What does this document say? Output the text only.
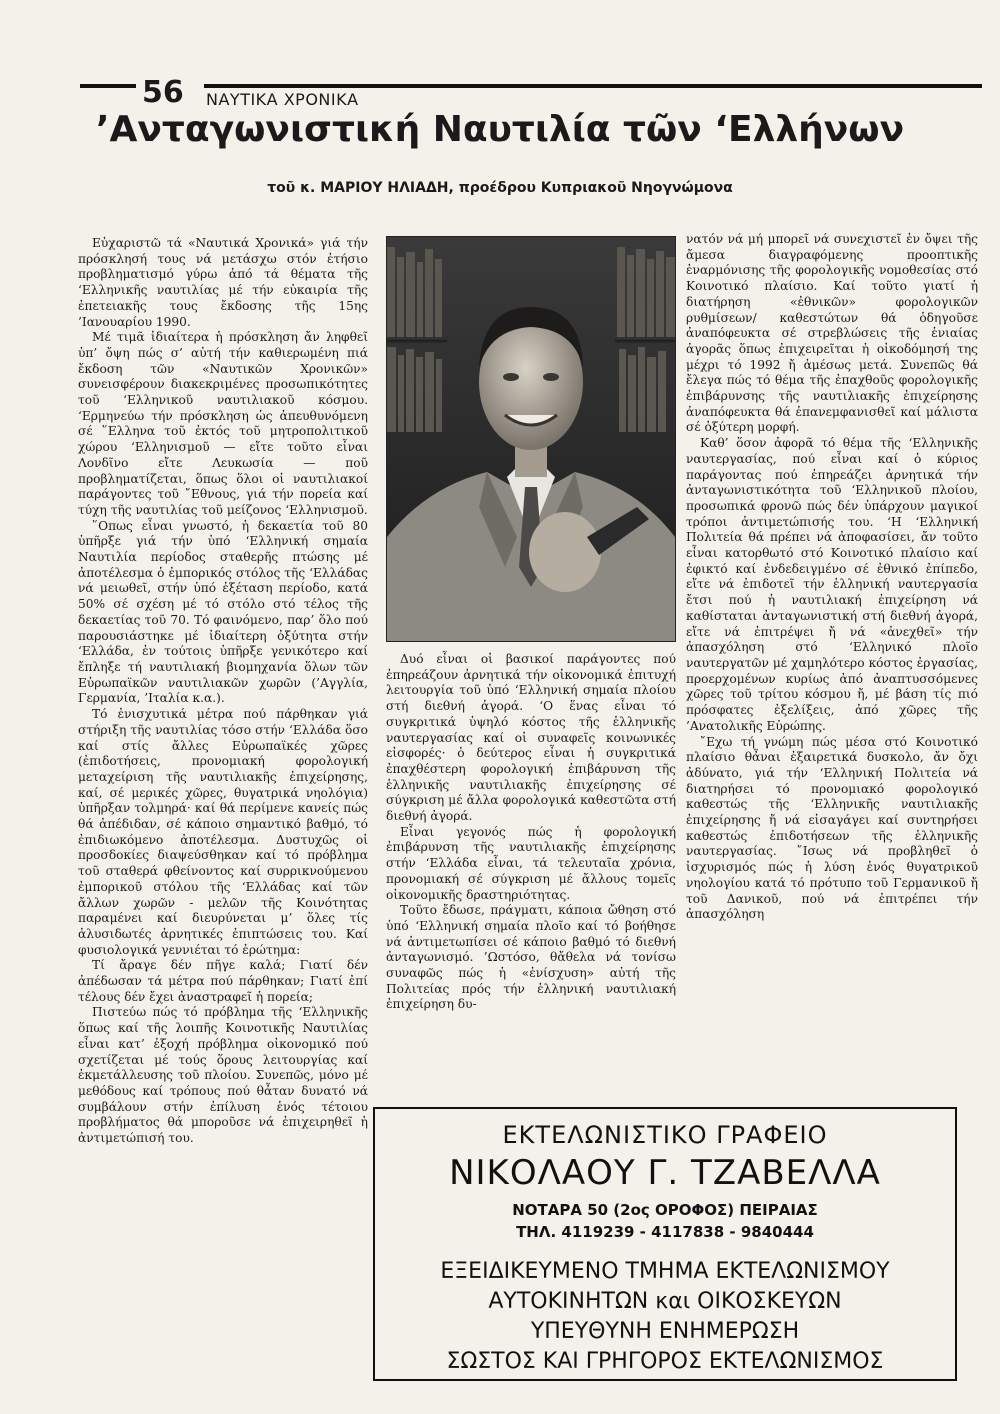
56 ΝΑΥΤΙΚΑ ΧΡΟΝΙΚΑ
’Ανταγωνιστική Ναυτιλία τῶν ‘Ελλήνων
τοῦ κ. ΜΑΡΙΟΥ ΗΛΙΑΔΗ, προέδρου Κυπριακοῦ Νηογνώμονα

Εὐχαριστῶ τά «Ναυτικά Χρονικά» γιά τήν πρόσκλησή τους νά μετάσχω στόν ἐτήσιο προβληματισμό γύρω ἀπό τά θέματα τῆς ‘Ελληνικῆς ναυτιλίας μέ τήν εὐκαιρία τῆς ἐπετειακῆς τους ἔκδοσης τῆς 15ης ’Ιανουαρίου 1990.

Μέ τιμᾶ ἰδιαίτερα ἡ πρόσκληση ἄν ληφθεῖ ὑπ’ ὄψη πώς σ’ αὐτή τήν καθιερωμένη πιά ἔκδοση τῶν «Ναυτικῶν Χρονικῶν» συνεισφέρουν διακεκριμένες προσωπικότητες τοῦ ‘Ελληνικοῦ ναυτιλιακοῦ κόσμου. ‘Ερμηνεύω τήν πρόσκληση ὡς ἀπευθυνόμενη σέ ῞Ελληνα τοῦ ἐκτός τοῦ μητροπολιτικοῦ χώρου ‘Ελληνισμοῦ — εἴτε τοῦτο εἶναι Λονδῖνο εἴτε Λευκωσία — ποῦ προβληματίζεται, ὅπως ὅλοι οἱ ναυτιλιακοί παράγοντες τοῦ ῎Εθνους, γιά τήν πορεία καί τύχη τῆς ναυτιλίας τοῦ μείζονος ‘Ελληνισμοῦ.

῞Οπως εἶναι γνωστό, ἡ δεκαετία τοῦ 80 ὑπῆρξε γιά τήν ὑπό ‘Ελληνική σημαία Ναυτιλία περίοδος σταθερῆς πτώσης μέ ἀποτέλεσμα ὁ ἐμπορικός στόλος τῆς ‘Ελλάδας νά μειωθεῖ, στήν ὑπό ἐξέταση περίοδο, κατά 50% σέ σχέση μέ τό στόλο στό τέλος τῆς δεκαετίας τοῦ 70. Τό φαινόμενο, παρ’ ὅλο πού παρουσιάστηκε μέ ἰδιαίτερη ὀξύτητα στήν ‘Ελλάδα, ἐν τούτοις ὑπῆρξε γενικότερο καί ἔπληξε τή ναυτιλιακή βιομηχανία ὅλων τῶν Εὐρωπαϊκῶν ναυτιλιακῶν χωρῶν (’Αγγλία, Γερμανία, ’Ιταλία κ.α.).

Τό ἐνισχυτικά μέτρα πού πάρθηκαν γιά στήριξη τῆς ναυτιλίας τόσο στήν ‘Ελλάδα ὅσο καί στίς ἄλλες Εὐρωπαϊκές χῶρες (ἐπιδοτήσεις, προνομιακή φορολογική μεταχείριση τῆς ναυτιλιακῆς ἐπιχείρησης, καί, σέ μερικές χῶρες, θυγατρικά νηολόγια) ὑπῆρξαν τολμηρά· καί θά περίμενε κανείς πώς θά ἀπέδιδαν, σέ κάποιο σημαντικό βαθμό, τό ἐπιδιωκόμενο ἀποτέλεσμα. Δυστυχῶς οἱ προσδοκίες διαψεύσθηκαν καί τό πρόβλημα τοῦ σταθερά φθείνοντος καί συρρικνούμενου ἐμπορικοῦ στόλου τῆς ‘Ελλάδας καί τῶν ἄλλων χωρῶν - μελῶν τῆς Κοινότητας παραμένει καί διευρύνεται μ’ ὅλες τίς ἀλυσιδωτές ἀρνητικές ἐπιπτώσεις του. Καί φυσιολογικά γεννιέται τό ἐρώτημα:

Τί ἄραγε δέν πῆγε καλά; Γιατί δέν ἀπέδωσαν τά μέτρα πού πάρθηκαν; Γιατί ἐπί τέλους δέν ἔχει ἀναστραφεῖ ἡ πορεία;

Πιστεύω πώς τό πρόβλημα τῆς ‘Ελληνικῆς ὅπως καί τῆς λοιπῆς Κοινοτικῆς Ναυτιλίας εἶναι κατ’ ἐξοχή πρόβλημα οἰκονομικό πού σχετίζεται μέ τούς ὅρους λειτουργίας καί ἐκμετάλλευσης τοῦ πλοίου. Συνεπῶς, μόνο μέ μεθόδους καί τρόπους πού θἆταν δυνατό νά συμβάλουν στήν ἐπίλυση ἑνός τέτοιου προβλήματος θά μποροῦσε νά ἐπιχειρηθεῖ ἡ ἀντιμετώπισή του.

Δυό εἶναι οἱ βασικοί παράγοντες πού ἐπηρεάζουν ἀρνητικά τήν οἰκονομικά ἐπιτυχή λειτουργία τοῦ ὑπό ‘Ελληνική σημαία πλοίου στή διεθνή ἀγορά. ‘Ο ἕνας εἶναι τό συγκριτικά ὑψηλό κόστος τῆς ἑλληνικῆς ναυτεργασίας καί οἱ συναφεῖς κοινωνικές εἰσφορές· ὁ δεύτερος εἶναι ἡ συγκριτικά ἐπαχθέστερη φορολογική ἐπιβάρυνση τῆς ἑλληνικῆς ναυτιλιακῆς ἐπιχείρησης σέ σύγκριση μέ ἄλλα φορολογικά καθεστῶτα στή διεθνή ἀγορά.

Εἶναι γεγονός πώς ἡ φορολογική ἐπιβάρυνση τῆς ναυτιλιακῆς ἐπιχείρησης στήν ‘Ελλάδα εἶναι, τά τελευταῖα χρόνια, προνομιακή σέ σύγκριση μέ ἄλλους τομεῖς οἰκονομικῆς δραστηριότητας.

Τοῦτο ἔδωσε, πράγματι, κάποια ὤθηση στό ὑπό ‘Ελληνική σημαία πλοῖο καί τό βοήθησε νά ἀντιμετωπίσει σέ κάποιο βαθμό τό διεθνή ἀνταγωνισμό. ’Ωστόσο, θἄθελα νά τονίσω συναφῶς πώς ἡ «ἐνίσχυση» αὐτή τῆς Πολιτείας πρός τήν ἑλληνική ναυτιλιακή ἐπιχείρηση δυ-

νατόν νά μή μπορεῖ νά συνεχιστεῖ ἐν ὄψει τῆς ἄμεσα διαγραφόμενης προοπτικῆς ἐναρμόνισης τῆς φορολογικῆς νομοθεσίας στό Κοινοτικό πλαίσιο. Καί τοῦτο γιατί ἡ διατήρηση «ἐθνικῶν» φορολογικῶν ρυθμίσεων/ καθεστώτων θά ὁδηγοῦσε ἀναπόφευκτα σέ στρεβλώσεις τῆς ἑνιαίας ἀγορᾶς ὅπως ἐπιχειρεῖται ἡ οἰκοδόμησή της μέχρι τό 1992 ἤ ἀμέσως μετά. Συνεπῶς θά ἔλεγα πώς τό θέμα τῆς ἐπαχθοῦς φορολογικῆς ἐπιβάρυνσης τῆς ναυτιλιακῆς ἐπιχείρησης ἀναπόφευκτα θά ἐπανεμφανισθεῖ καί μάλιστα σέ ὀξύτερη μορφή.

Καθ’ ὅσον ἀφορᾶ τό θέμα τῆς ‘Ελληνικῆς ναυτεργασίας, πού εἶναι καί ὁ κύριος παράγοντας πού ἐπηρεάζει ἀρνητικά τήν ἀνταγωνιστικότητα τοῦ ‘Ελληνικοῦ πλοίου, προσωπικά φρονῶ πώς δέν ὑπάρχουν μαγικοί τρόποι ἀντιμετώπισής του. ‘Η ‘Ελληνική Πολιτεία θά πρέπει νά ἀποφασίσει, ἄν τοῦτο εἶναι κατορθωτό στό Κοινοτικό πλαίσιο καί ἐφικτό καί ἐνδεδειγμένο σέ ἐθνικό ἐπίπεδο, εἴτε νά ἐπιδοτεῖ τήν ἑλληνική ναυτεργασία ἔτσι πού ἡ ναυτιλιακή ἐπιχείρηση νά καθίσταται ἀνταγωνιστική στή διεθνή ἀγορά, εἴτε νά ἐπιτρέψει ἤ νά «ἀνεχθεῖ» τήν ἀπασχόληση στό ‘Ελληνικό πλοῖο ναυτεργατῶν μέ χαμηλότερο κόστος ἐργασίας, προερχομένων κυρίως ἀπό ἀναπτυσσόμενες χῶρες τοῦ τρίτου κόσμου ἤ, μέ βάση τίς πιό πρόσφατες ἐξελίξεις, ἀπό χῶρες τῆς ’Ανατολικῆς Εὐρώπης.

῎Εχω τή γνώμη πώς μέσα στό Κοινοτικό πλαίσιο θἆναι ἐξαιρετικά δυσκολο, ἄν ὄχι ἀδύνατο, γιά τήν ‘Ελληνική Πολιτεία νά διατηρήσει τό προνομιακό φορολογικό καθεστώς τῆς ‘Ελληνικῆς ναυτιλιακῆς ἐπιχείρησης ἤ νά εἰσαγάγει καί συντηρήσει καθεστώς ἐπιδοτήσεων τῆς ἑλληνικῆς ναυτεργασίας. ῎Ισως νά προβληθεῖ ὁ ἰσχυρισμός πώς ἡ λύση ἑνός θυγατρικοῦ νηολογίου κατά τό πρότυπο τοῦ Γερμανικοῦ ἤ τοῦ Δανικοῦ, πού νά ἐπιτρέπει τήν ἀπασχόληση

ΕΚΤΕΛΩΝΙΣΤΙΚΟ ΓΡΑΦΕΙΟ
ΝΙΚΟΛΑΟΥ Γ. ΤΖΑΒΕΛΛΑ
ΝΟΤΑΡΑ 50 (2ος ΟΡΟΦΟΣ) ΠΕΙΡΑΙΑΣ
ΤΗΛ. 4119239 - 4117838 - 9840444
ΕΞΕΙΔΙΚΕΥΜΕΝΟ ΤΜΗΜΑ ΕΚΤΕΛΩΝΙΣΜΟΥ
ΑΥΤΟΚΙΝΗΤΩΝ και ΟΙΚΟΣΚΕΥΩΝ
ΥΠΕΥΘΥΝΗ ΕΝΗΜΕΡΩΣΗ
ΣΩΣΤΟΣ ΚΑΙ ΓΡΗΓΟΡΟΣ ΕΚΤΕΛΩΝΙΣΜΟΣ
